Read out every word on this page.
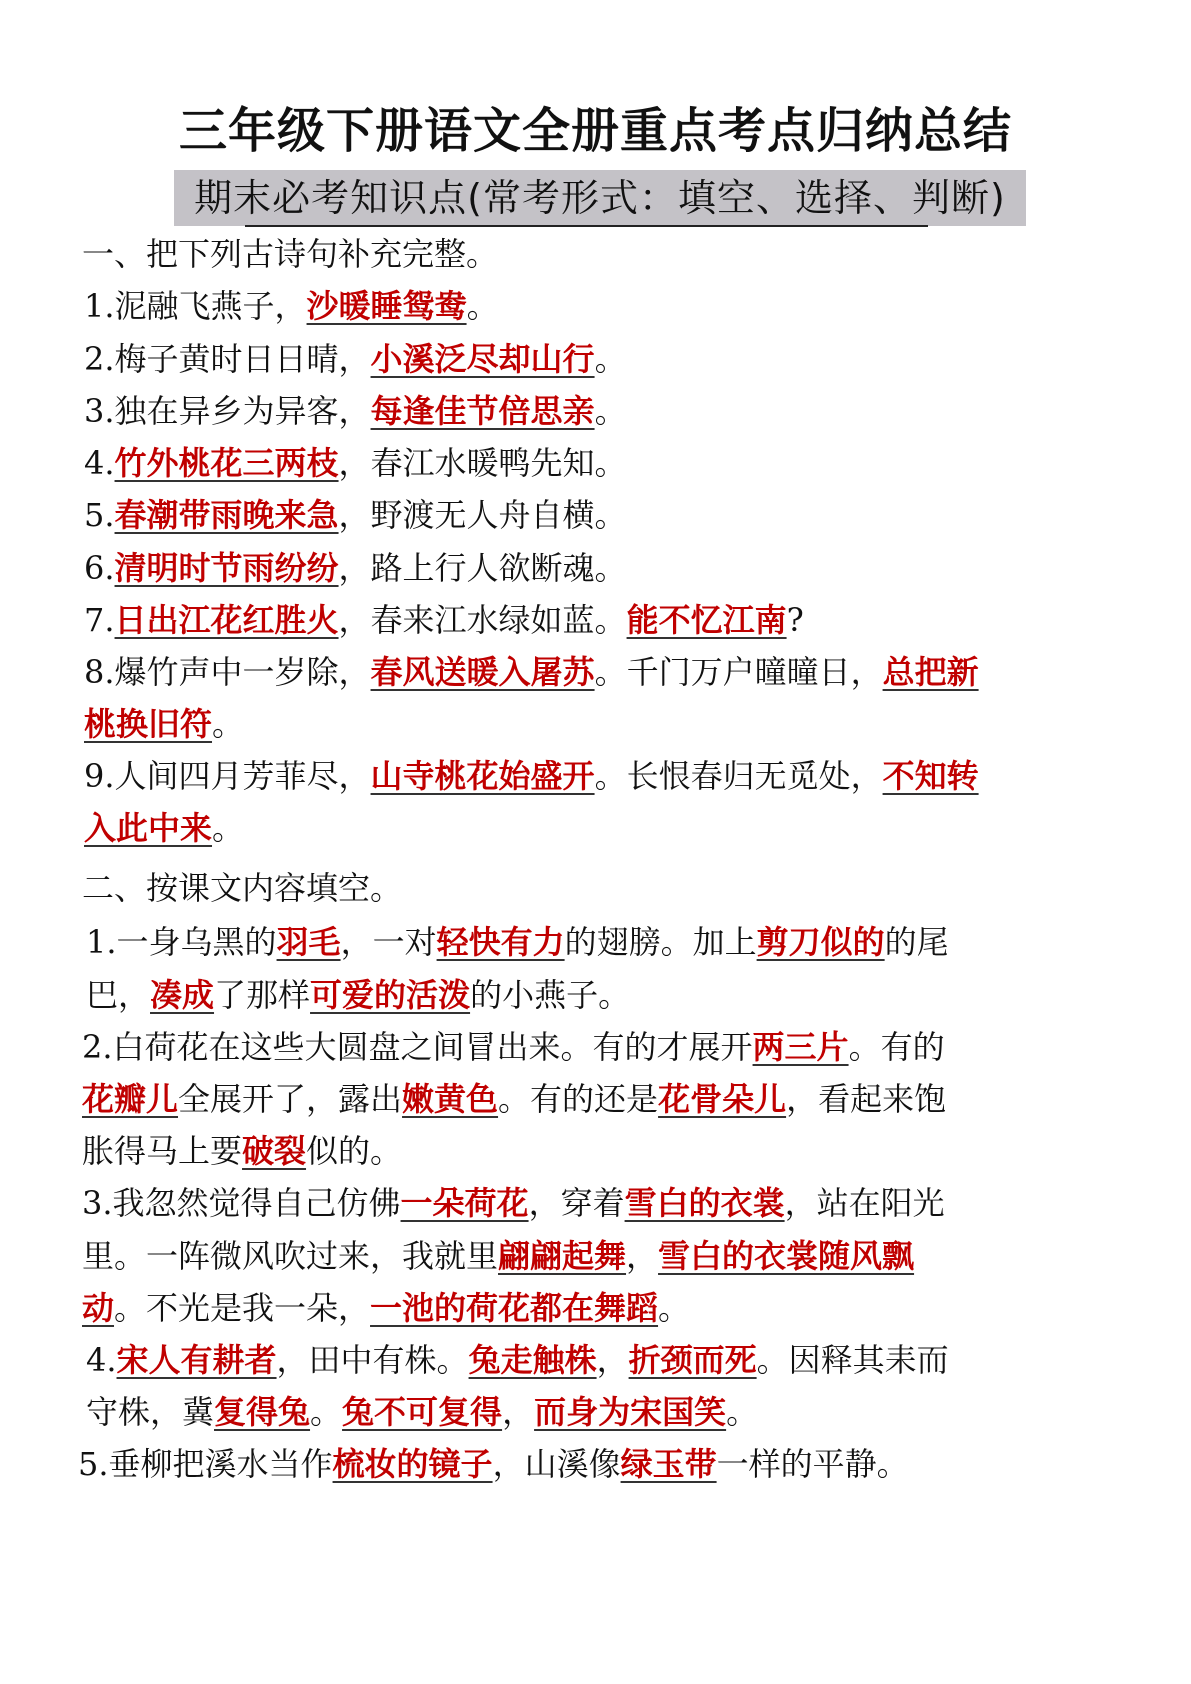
三年级下册语文全册重点考点归纳总结
期末必考知识点(常考形式：填空、选择、判断)
一、把下列古诗句补充完整。
1.泥融飞燕子，沙暖睡鸳鸯。
2.梅子黄时日日晴，小溪泛尽却山行。
3.独在异乡为异客，每逢佳节倍思亲。
4.竹外桃花三两枝，春江水暖鸭先知。
5.春潮带雨晚来急，野渡无人舟自横。
6.清明时节雨纷纷，路上行人欲断魂。
7.日出江花红胜火，春来江水绿如蓝。能不忆江南?
8.爆竹声中一岁除，春风送暖入屠苏。千门万户曈曈日，总把新
桃换旧符。
9.人间四月芳菲尽，山寺桃花始盛开。长恨春归无觅处，不知转
入此中来。
二、按课文内容填空。
1.一身乌黑的羽毛，一对轻快有力的翅膀。加上剪刀似的的尾
巴，凑成了那样可爱的活泼的小燕子。
2.白荷花在这些大圆盘之间冒出来。有的才展开两三片。有的
花瓣儿全展开了，露出嫩黄色。有的还是花骨朵儿，看起来饱
胀得马上要破裂似的。
3.我忽然觉得自己仿佛一朵荷花，穿着雪白的衣裳，站在阳光
里。一阵微风吹过来，我就里翩翩起舞，雪白的衣裳随风飘
动。不光是我一朵，一池的荷花都在舞蹈。
4.宋人有耕者，田中有株。兔走触株，折颈而死。因释其耒而
守株，冀复得兔。兔不可复得，而身为宋国笑。
5.垂柳把溪水当作梳妆的镜子，山溪像绿玉带一样的平静。
